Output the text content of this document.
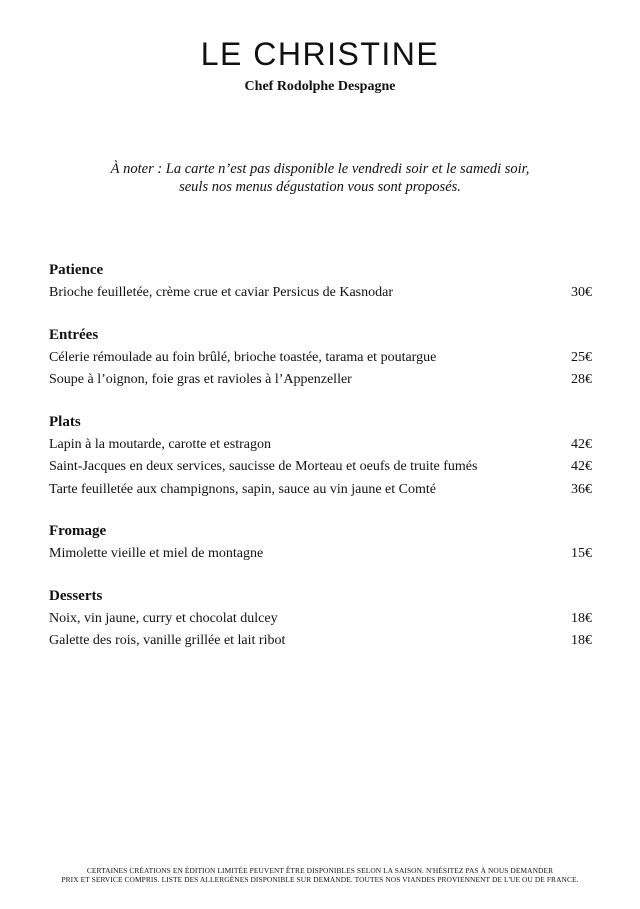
LE CHRISTINE
Chef Rodolphe Despagne
À noter : La carte n’est pas disponible le vendredi soir et le samedi soir,
seuls nos menus dégustation vous sont proposés.
Patience
Brioche feuilletée, crème crue et caviar Persicus de Kasnodar	30€
Entrées
Célerie rémoulade au foin brûlé, brioche toastée, tarama et poutargue	25€
Soupe à l’oignon, foie gras et ravioles à l’Appenzeller	28€
Plats
Lapin à la moutarde, carotte et estragon	42€
Saint-Jacques en deux services, saucisse de Morteau et oeufs de truite fumés	42€
Tarte feuilletée aux champignons, sapin, sauce au vin jaune et Comté	36€
Fromage
Mimolette vieille et miel de montagne	15€
Desserts
Noix, vin jaune, curry et chocolat dulcey	18€
Galette des rois, vanille grillée et lait ribot	18€
CERTAINES CRÉATIONS EN ÉDITION LIMITÉE PEUVENT ÊTRE DISPONIBLES SELON LA SAISON. N'HÉSITEZ PAS À NOUS DEMANDER
PRIX ET SERVICE COMPRIS. LISTE DES ALLERGÈNES DISPONIBLE SUR DEMANDE. TOUTES NOS VIANDES PROVIENNENT DE L'UE OU DE FRANCE.
